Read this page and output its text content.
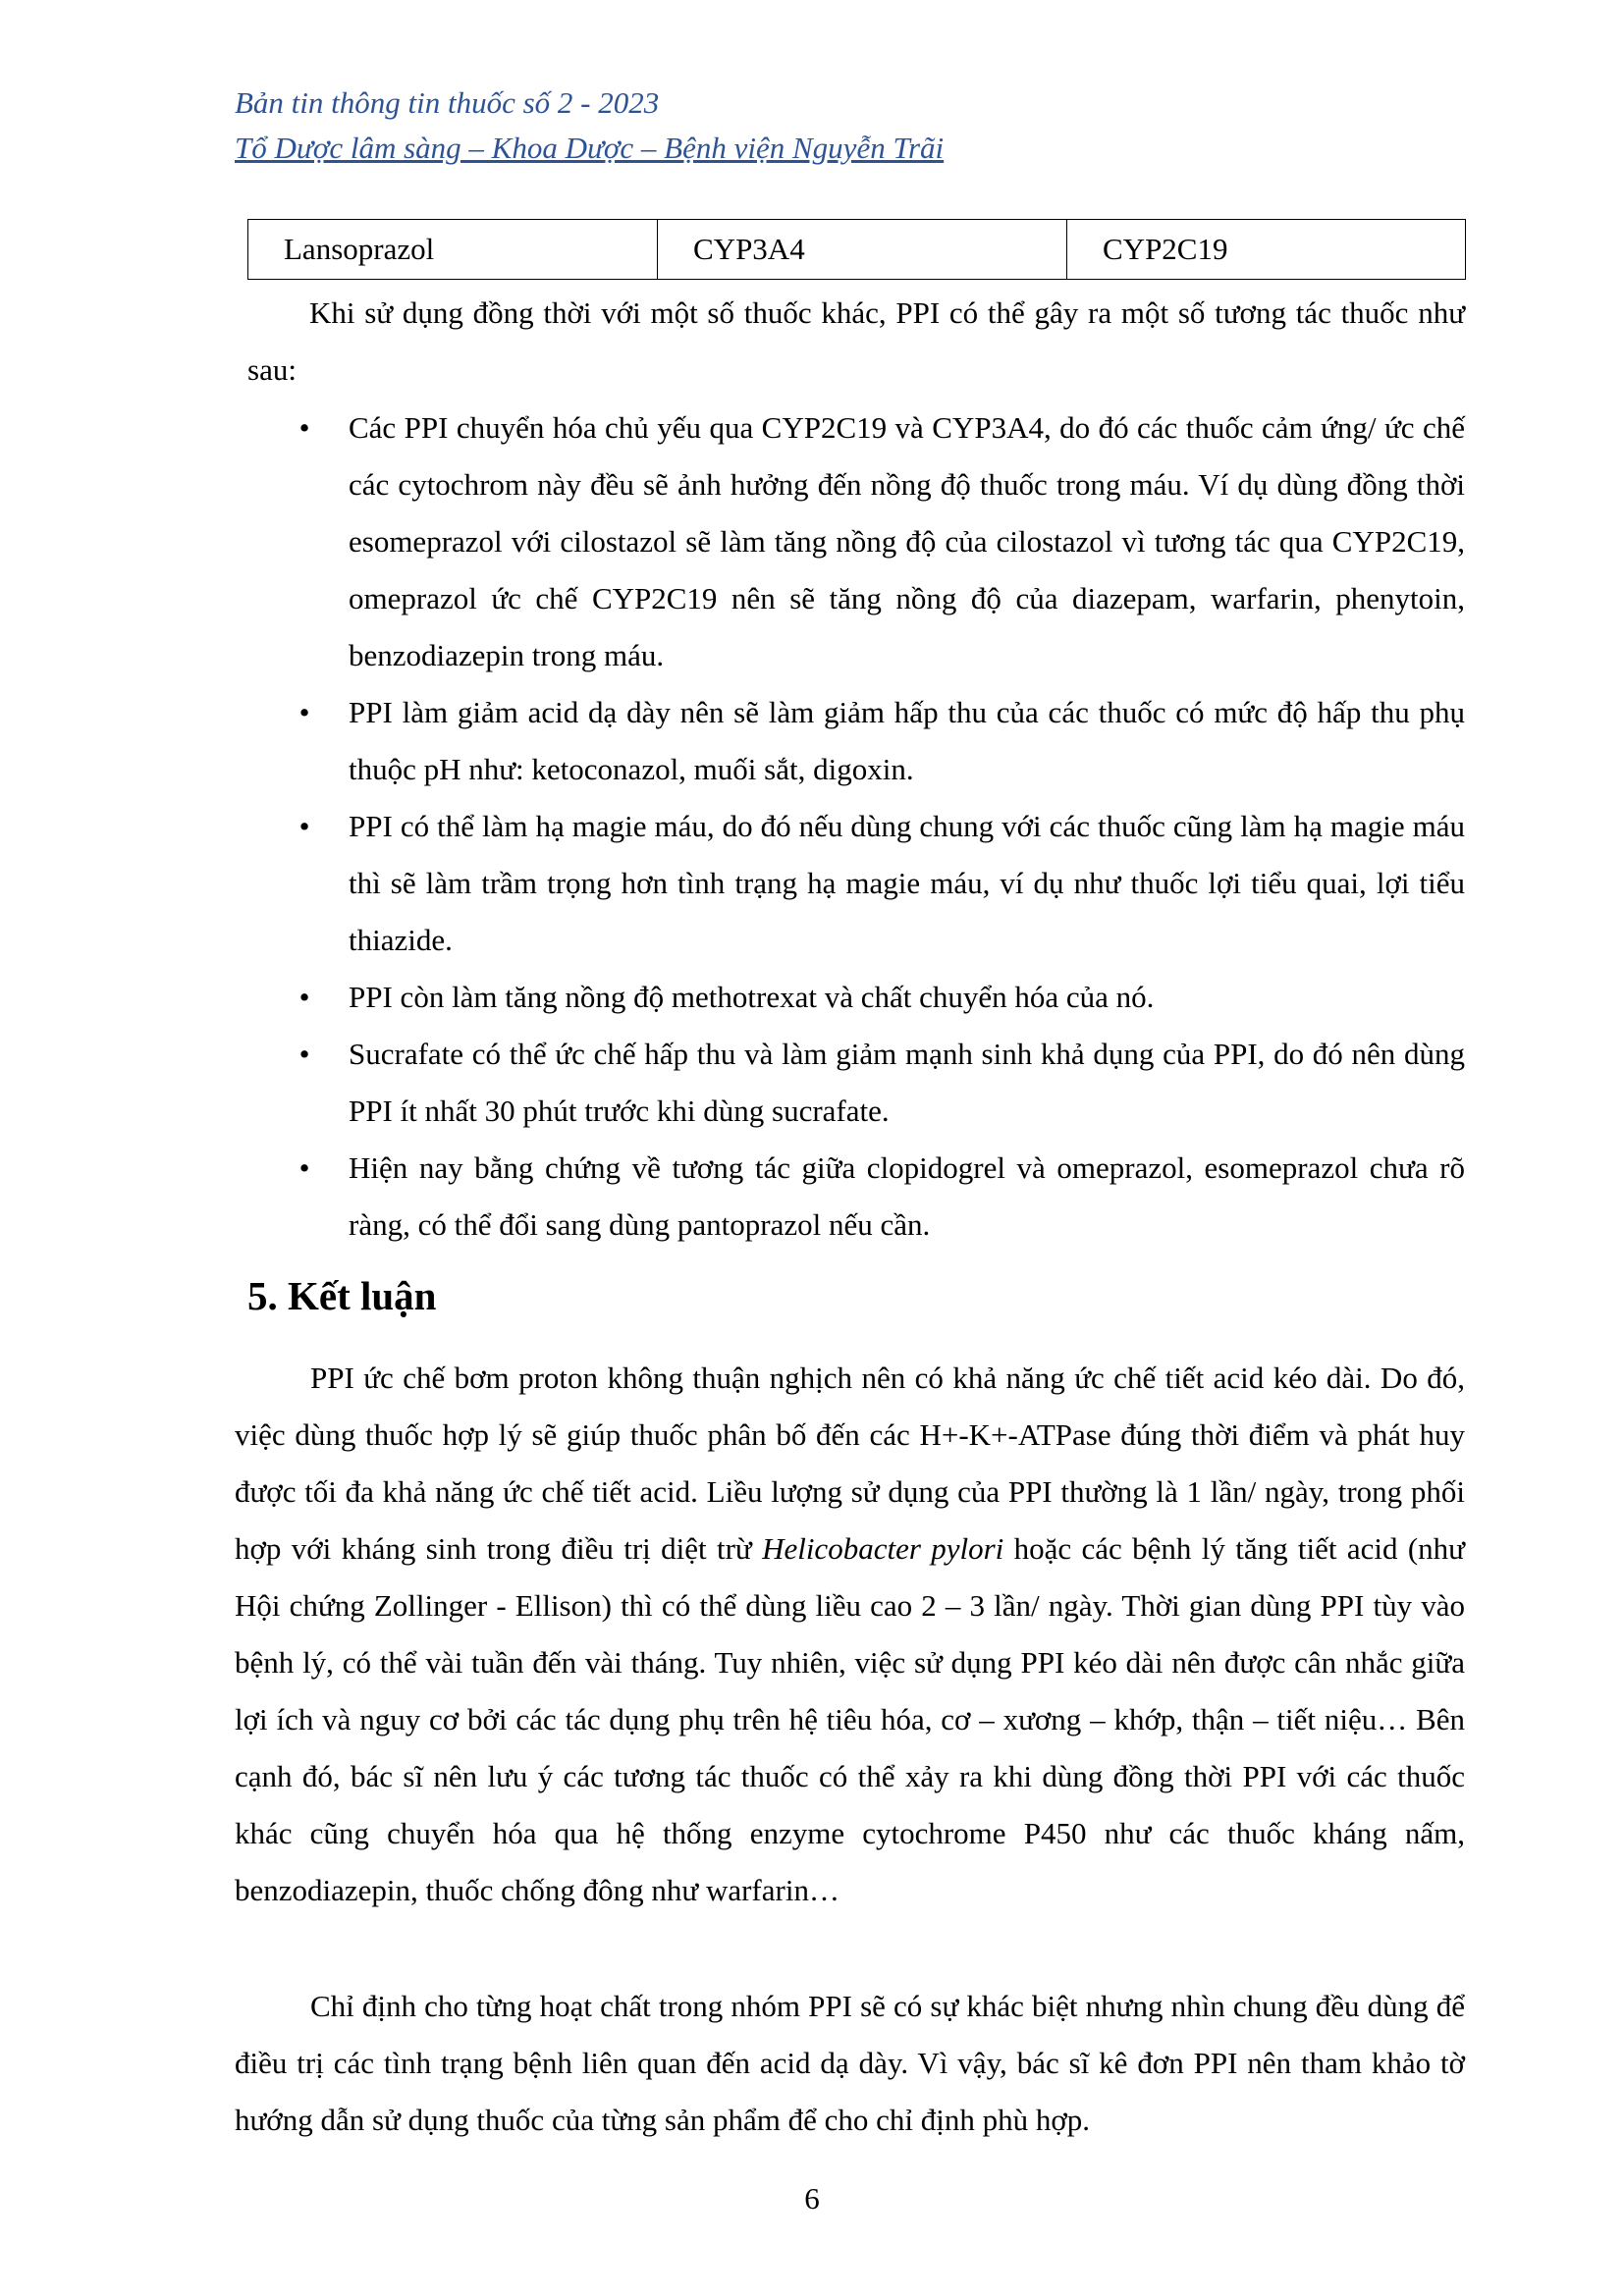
Bản tin thông tin thuốc số 2 - 2023
Tổ Dược lâm sàng – Khoa Dược – Bệnh viện Nguyễn Trãi
Lansoprazol	CYP3A4	CYP2C19

Khi sử dụng đồng thời với một số thuốc khác, PPI có thể gây ra một số tương tác thuốc như sau:

• Các PPI chuyển hóa chủ yếu qua CYP2C19 và CYP3A4, do đó các thuốc cảm ứng/ ức chế các cytochrom này đều sẽ ảnh hưởng đến nồng độ thuốc trong máu. Ví dụ dùng đồng thời esomeprazol với cilostazol sẽ làm tăng nồng độ của cilostazol vì tương tác qua CYP2C19, omeprazol ức chế CYP2C19 nên sẽ tăng nồng độ của diazepam, warfarin, phenytoin, benzodiazepin trong máu.
• PPI làm giảm acid dạ dày nên sẽ làm giảm hấp thu của các thuốc có mức độ hấp thu phụ thuộc pH như: ketoconazol, muối sắt, digoxin.
• PPI có thể làm hạ magie máu, do đó nếu dùng chung với các thuốc cũng làm hạ magie máu thì sẽ làm trầm trọng hơn tình trạng hạ magie máu, ví dụ như thuốc lợi tiểu quai, lợi tiểu thiazide.
• PPI còn làm tăng nồng độ methotrexat và chất chuyển hóa của nó.
• Sucrafate có thể ức chế hấp thu và làm giảm mạnh sinh khả dụng của PPI, do đó nên dùng PPI ít nhất 30 phút trước khi dùng sucrafate.
• Hiện nay bằng chứng về tương tác giữa clopidogrel và omeprazol, esomeprazol chưa rõ ràng, có thể đổi sang dùng pantoprazol nếu cần.
5. Kết luận

PPI ức chế bơm proton không thuận nghịch nên có khả năng ức chế tiết acid kéo dài. Do đó, việc dùng thuốc hợp lý sẽ giúp thuốc phân bố đến các H+-K+-ATPase đúng thời điểm và phát huy được tối đa khả năng ức chế tiết acid. Liều lượng sử dụng của PPI thường là 1 lần/ ngày, trong phối hợp với kháng sinh trong điều trị diệt trừ Helicobacter pylori hoặc các bệnh lý tăng tiết acid (như Hội chứng Zollinger - Ellison) thì có thể dùng liều cao 2 – 3 lần/ ngày. Thời gian dùng PPI tùy vào bệnh lý, có thể vài tuần đến vài tháng. Tuy nhiên, việc sử dụng PPI kéo dài nên được cân nhắc giữa lợi ích và nguy cơ bởi các tác dụng phụ trên hệ tiêu hóa, cơ – xương – khớp, thận – tiết niệu… Bên cạnh đó, bác sĩ nên lưu ý các tương tác thuốc có thể xảy ra khi dùng đồng thời PPI với các thuốc khác cũng chuyển hóa qua hệ thống enzyme cytochrome P450 như các thuốc kháng nấm, benzodiazepin, thuốc chống đông như warfarin…

Chỉ định cho từng hoạt chất trong nhóm PPI sẽ có sự khác biệt nhưng nhìn chung đều dùng để điều trị các tình trạng bệnh liên quan đến acid dạ dày. Vì vậy, bác sĩ kê đơn PPI nên tham khảo tờ hướng dẫn sử dụng thuốc của từng sản phẩm để cho chỉ định phù hợp.

6
